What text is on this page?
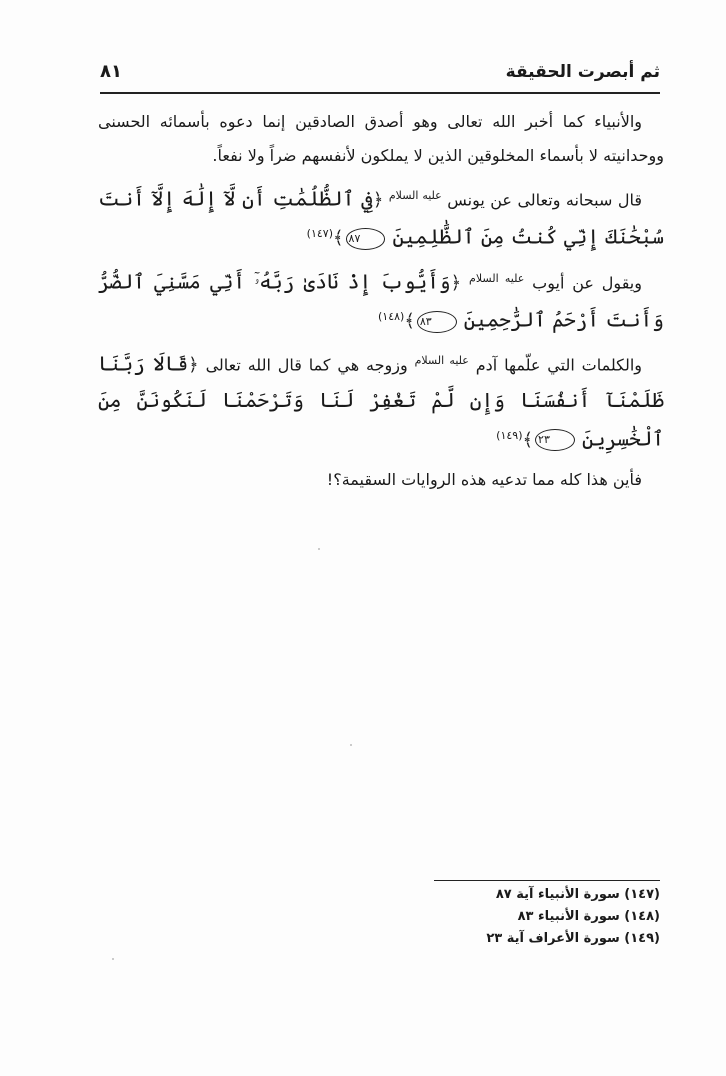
ثم أبصرت الحقيقة
٨١

والأنبياء كما أخبر الله تعالى وهو أصدق الصادقين إنما دعوه بأسمائه الحسنى ووحدانيته لا بأسماء المخلوقين الذين لا يملكون لأنفسهم ضراً ولا نفعاً.

قال سبحانه وتعالى عن يونس $^{عليه السلام}$ ﴿فِي ٱلظُّلُمَٰتِ أَن لَّآ إِلَٰهَ إِلَّآ أَنتَ سُبْحَٰنَكَ إِنِّي كُنتُ مِنَ ٱلظَّٰلِمِينَ ٨٧﴾$^{(١٤٧)}$

ويقول عن أيوب $^{عليه السلام}$ ﴿وَأَيُّوبَ إِذْ نَادَىٰ رَبَّهُۥٓ أَنِّي مَسَّنِيَ ٱلضُّرُّ وَأَنتَ أَرْحَمُ ٱلرَّٰحِمِينَ ٨٣﴾$^{(١٤٨)}$

والكلمات التي علّمها آدم $^{عليه السلام}$ وزوجه هي كما قال الله تعالى ﴿قَالَا رَبَّنَا ظَلَمْنَآ أَنفُسَنَا وَإِن لَّمْ تَغْفِرْ لَنَا وَتَرْحَمْنَا لَنَكُونَنَّ مِنَ ٱلْخَٰسِرِينَ ٢٣﴾$^{(١٤٩)}$

فأين هذا كله مما تدعيه هذه الروايات السقيمة؟!

(١٤٧) سورة الأنبياء آية ٨٧

(١٤٨) سورة الأنبياء ٨٣

(١٤٩) سورة الأعراف آية ٢٣
